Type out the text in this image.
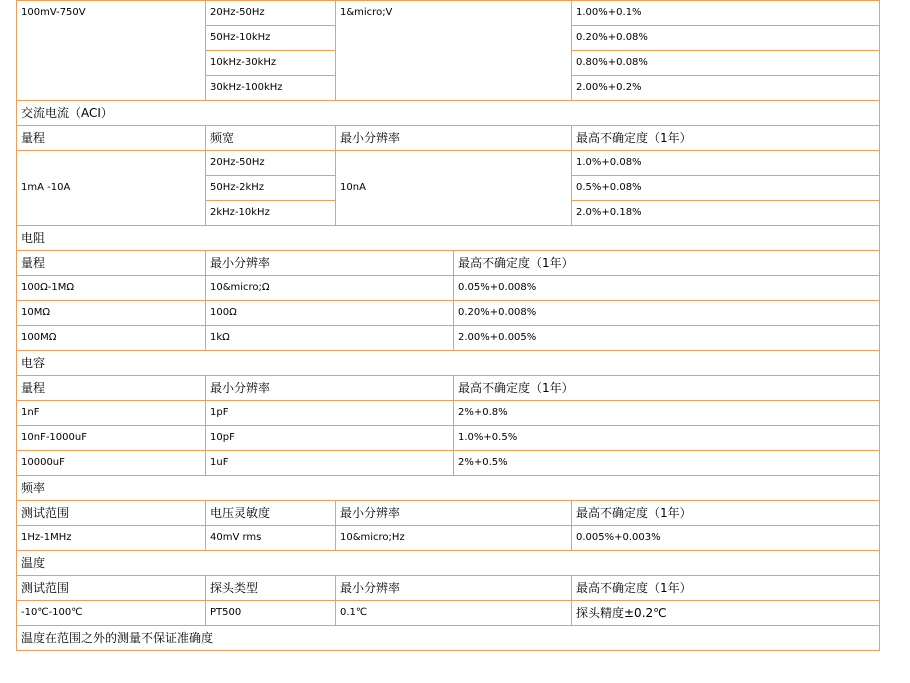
100mV-750V	20Hz-50Hz	1&micro;V		1.00%+0.1%
	50Hz-10kHz			0.20%+0.08%
	10kHz-30kHz			0.80%+0.08%
	30kHz-100kHz			2.00%+0.2%
交流电流（ACI）				
量程	频宽	最小分辨率		最高不确定度（1年）
1mA -10A	20Hz-50Hz	10nA		1.0%+0.08%
	50Hz-2kHz			0.5%+0.08%
	2kHz-10kHz			2.0%+0.18%
电阻				
量程	最小分辨率		最高不确定度（1年）	
100Ω-1MΩ	10&micro;Ω		0.05%+0.008%	
10MΩ	100Ω		0.20%+0.008%	
100MΩ	1kΩ		2.00%+0.005%	
电容				
量程	最小分辨率		最高不确定度（1年）	
1nF	1pF		2%+0.8%	
10nF-1000uF	10pF		1.0%+0.5%	
10000uF	1uF		2%+0.5%	
频率				
测试范围	电压灵敏度	最小分辨率		最高不确定度（1年）
1Hz-1MHz	40mV rms	10&micro;Hz		0.005%+0.003%
温度				
测试范围	探头类型	最小分辨率		最高不确定度（1年）
-10℃-100℃	PT500	0.1℃		探头精度±0.2℃
温度在范围之外的测量不保证准确度				
